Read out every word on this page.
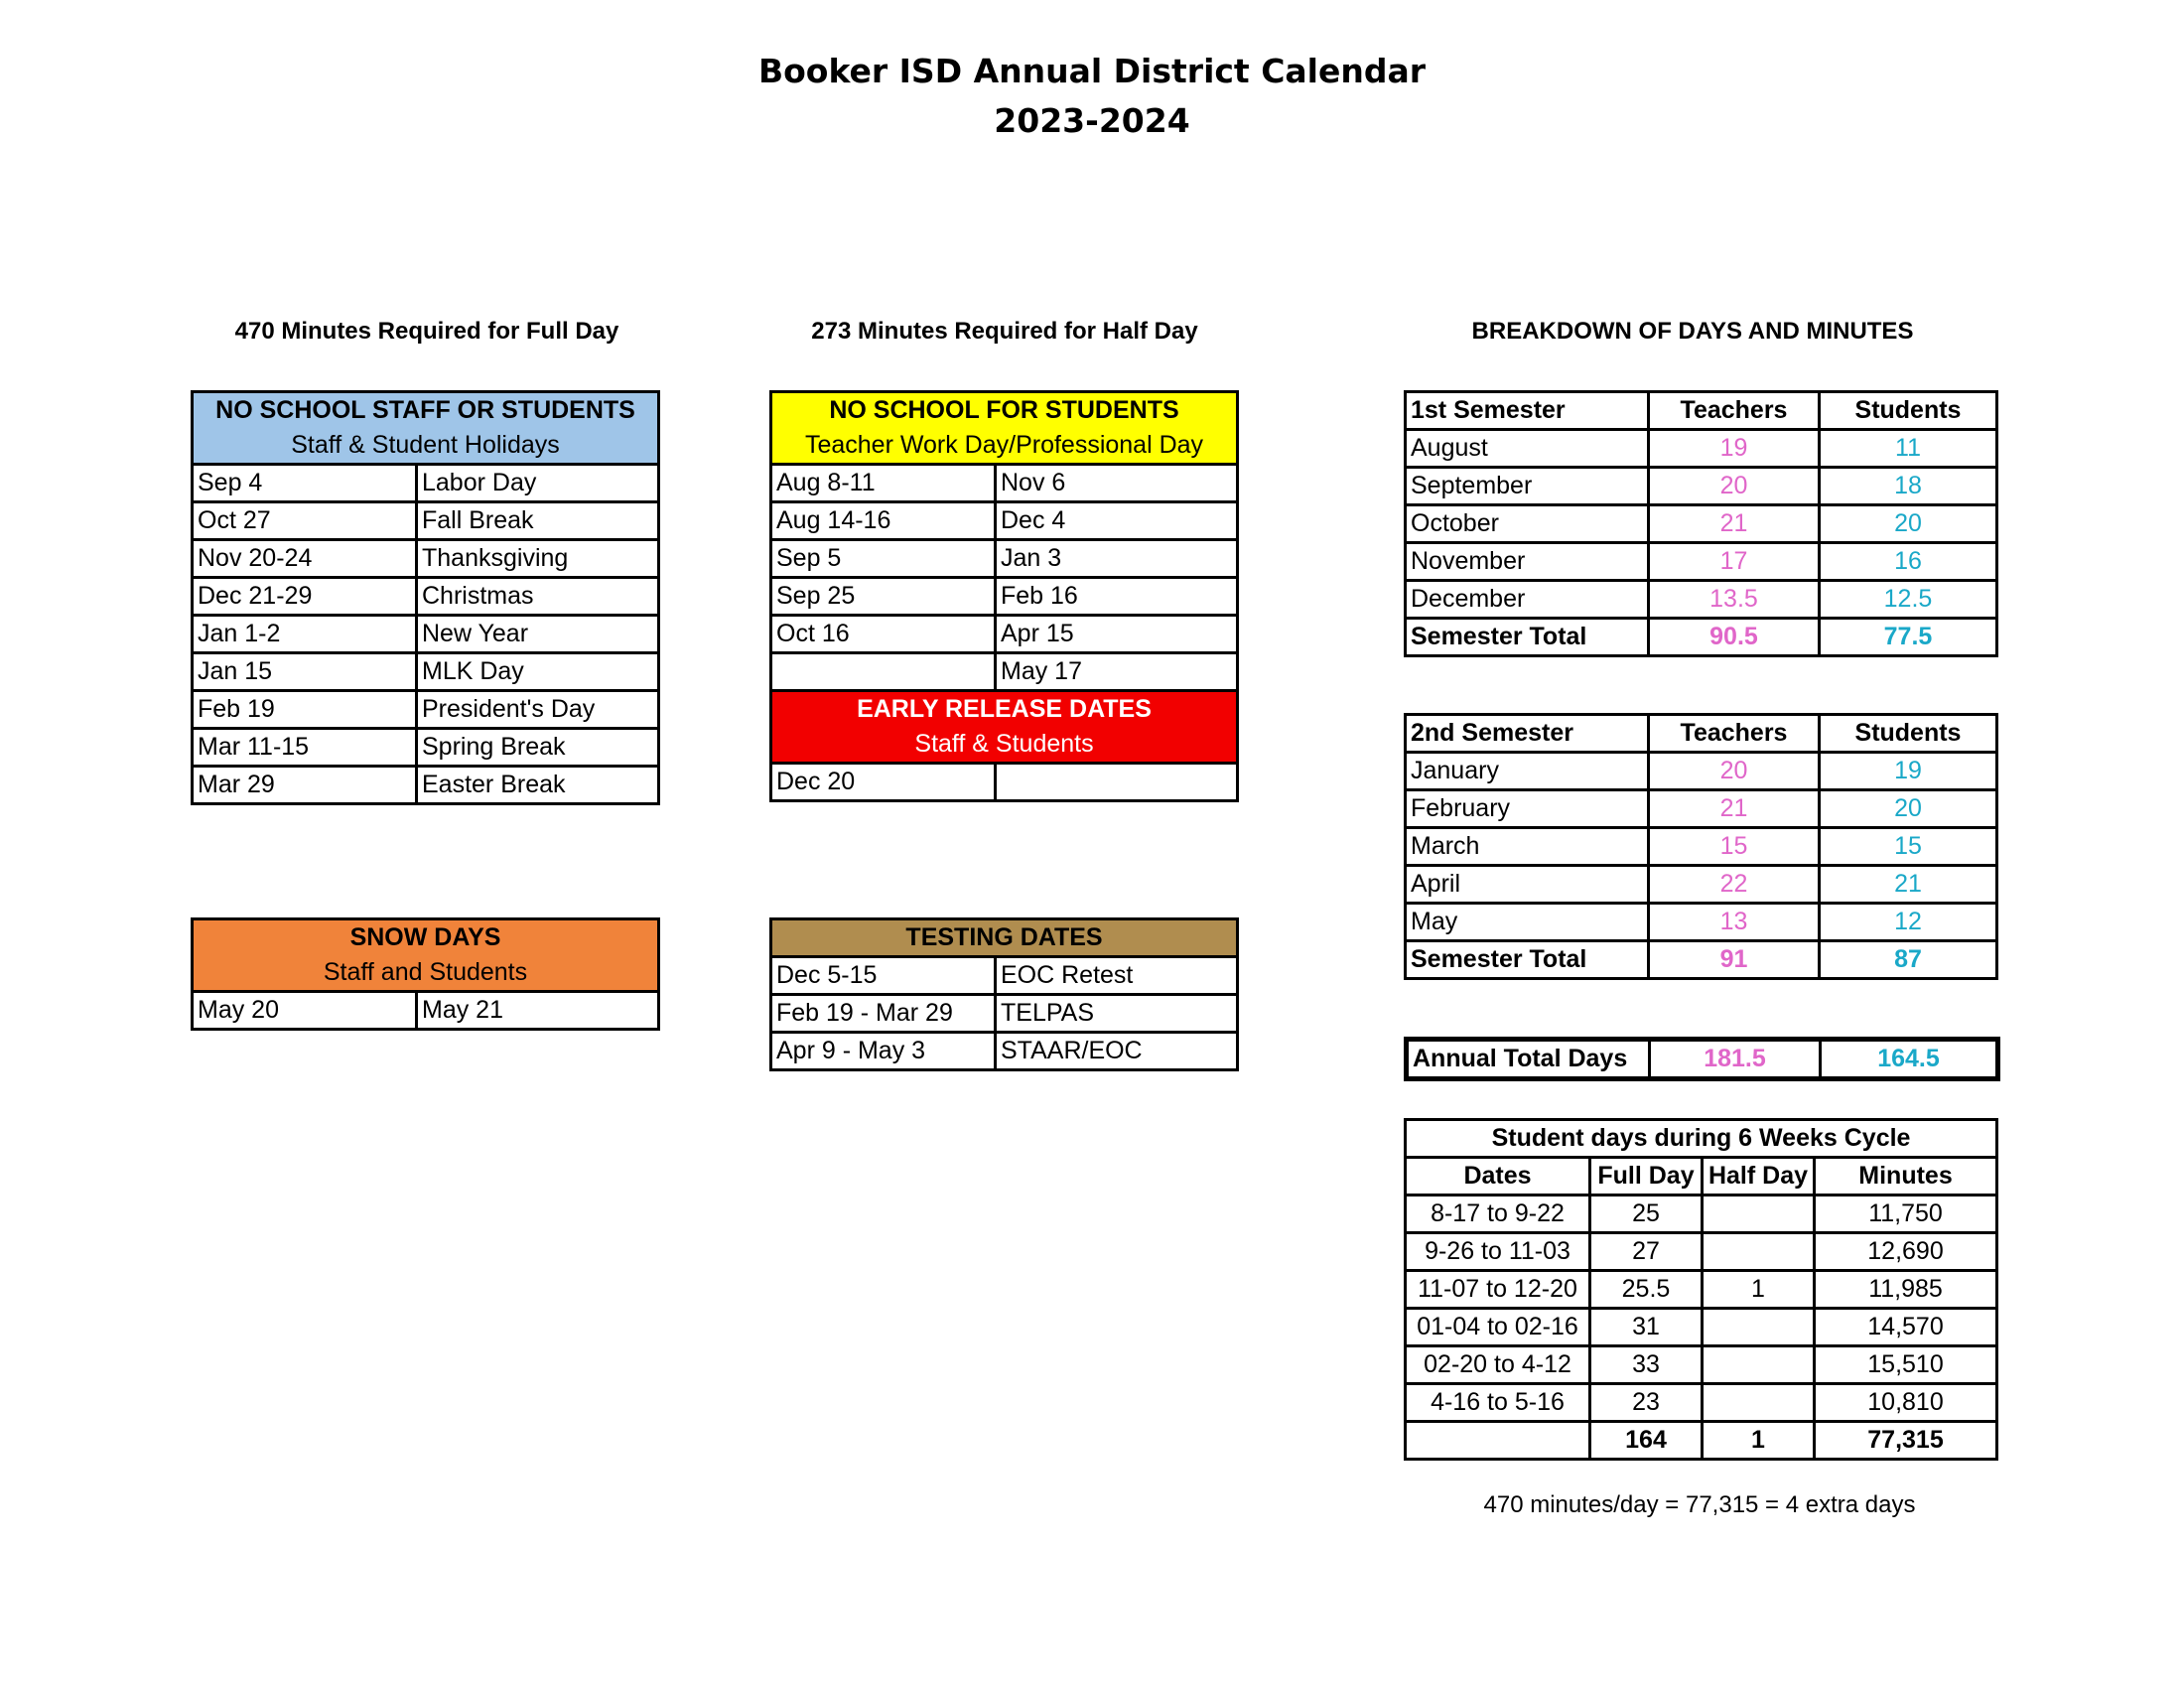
Booker ISD Annual District Calendar
2023-2024
470 Minutes Required for Full Day	273 Minutes Required for Half Day	BREAKDOWN OF DAYS AND MINUTES
NO SCHOOL STAFF OR STUDENTS	
Staff & Student Holidays	
Sep 4	Labor Day
Oct 27	Fall Break
Nov 20-24	Thanksgiving
Dec 21-29	Christmas
Jan 1-2	New Year
Jan 15	MLK Day
Feb 19	President's Day
Mar 11-15	Spring Break
Mar 29	Easter Break
NO SCHOOL FOR STUDENTS	
Teacher Work Day/Professional Day	
Aug 8-11	Nov 6
Aug 14-16	Dec 4
Sep 5	Jan 3
Sep 25	Feb 16
Oct 16	Apr 15
	May 17
EARLY RELEASE DATES	
Staff & Students	
Dec 20	
SNOW DAYS
Staff and Students
May 20	May 21
TESTING DATES	
Dec 5-15	EOC Retest
Feb 19 - Mar 29	TELPAS
Apr 9 - May 3	STAAR/EOC
1st Semester	Teachers	Students
August	19	11
September	20	18
October	21	20
November	17	16
December	13.5	12.5
Semester Total	90.5	77.5
2nd Semester	Teachers	Students
January	20	19
February	21	20
March	15	15
April	22	21
May	13	12
Semester Total	91	87
Annual Total Days	181.5	164.5
Student days during 6 Weeks Cycle			
Dates	Full Day	Half Day	Minutes
8-17 to 9-22	25		11,750
9-26 to 11-03	27		12,690
11-07 to 12-20	25.5	1	11,985
01-04 to 02-16	31		14,570
02-20 to 4-12	33		15,510
4-16 to 5-16	23		10,810
	164	1	77,315
470 minutes/day = 77,315 = 4 extra days
